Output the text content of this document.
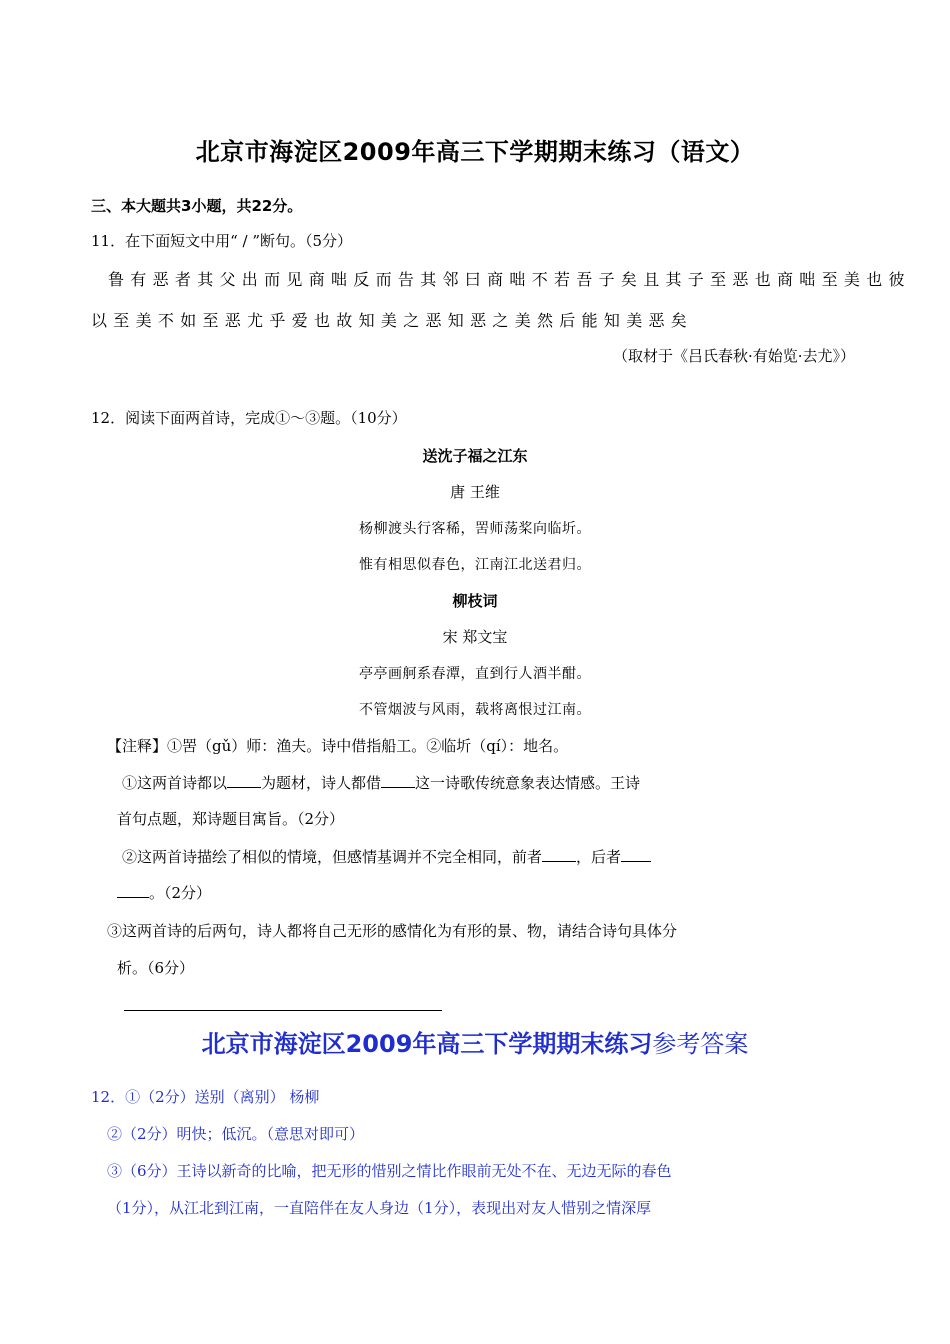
北京市海淀区2009年高三下学期期末练习（语文）
三、本大题共3小题，共22分。
11．在下面短文中用“ / ”断句。（5分）
鲁有恶者其父出而见商咄反而告其邻曰商咄不若吾子矣且其子至恶也商咄至美也彼
以至美不如至恶尤乎爱也故知美之恶知恶之美然后能知美恶矣
（取材于《吕氏春秋·有始览·去尤》）
12．阅读下面两首诗，完成①～③题。（10分）
送沈子福之江东
唐 王维
杨柳渡头行客稀，罟师荡桨向临圻。
惟有相思似春色，江南江北送君归。
柳枝词
宋 郑文宝
亭亭画舸系春潭，直到行人酒半酣。
不管烟波与风雨，载将离恨过江南。
【注释】①罟（gǔ）师：渔夫。诗中借指船工。②临圻（qí）：地名。
①这两首诗都以 为题材，诗人都借 这一诗歌传统意象表达情感。王诗
首句点题，郑诗题目寓旨。（2分）
②这两首诗描绘了相似的情境，但感情基调并不完全相同，前者 ，后者
。（2分）
③这两首诗的后两句，诗人都将自己无形的感情化为有形的景、物，请结合诗句具体分
析。（6分）
北京市海淀区2009年高三下学期期末练习参考答案
12．①（2分）送别（离别） 杨柳
②（2分）明快；低沉。（意思对即可）
③（6分）王诗以新奇的比喻，把无形的惜别之情比作眼前无处不在、无边无际的春色
（1分），从江北到江南，一直陪伴在友人身边（1分），表现出对友人惜别之情深厚
